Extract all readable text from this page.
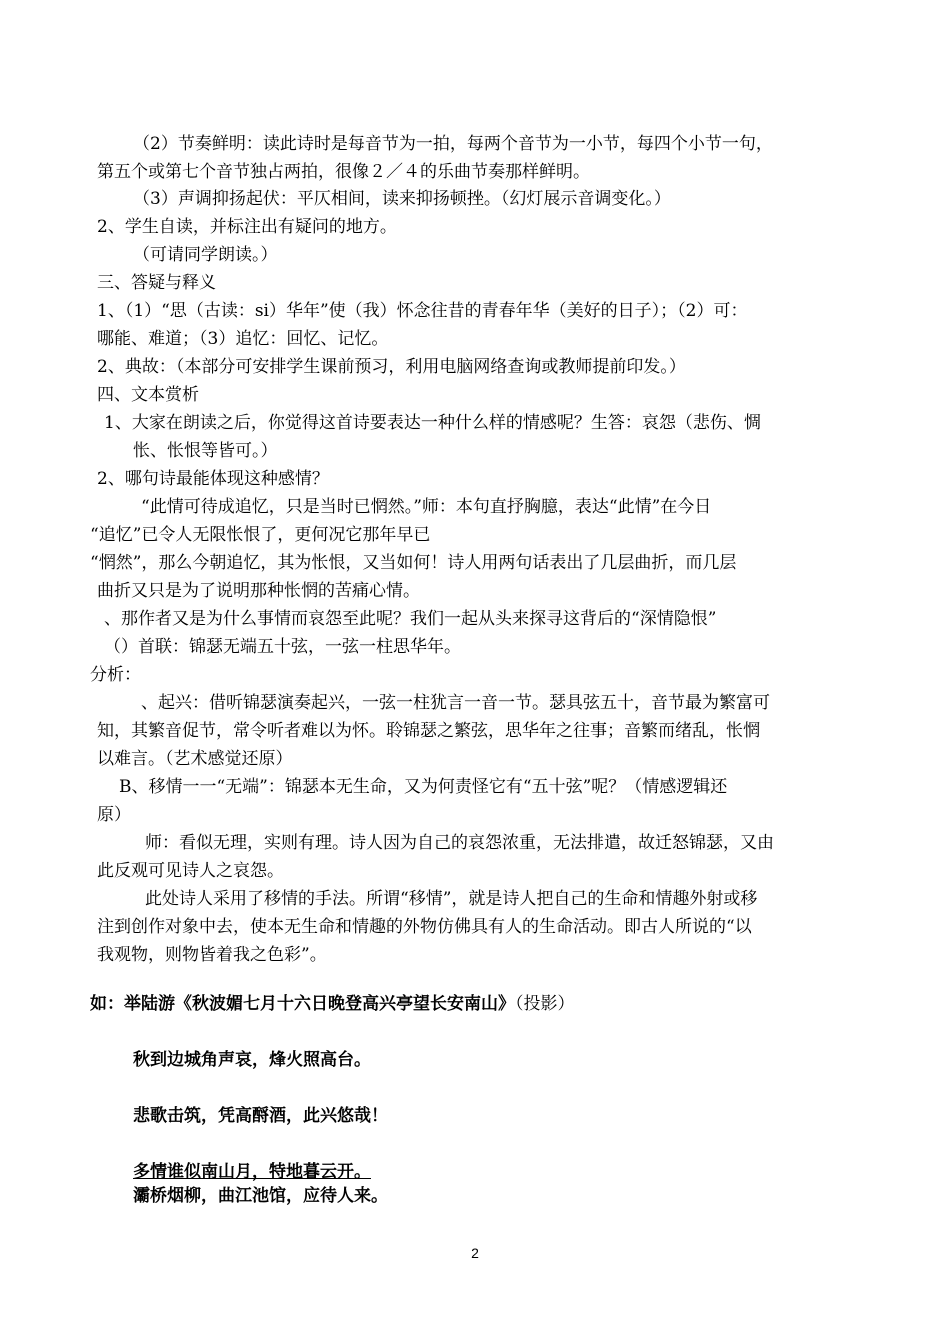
（2）节奏鲜明：读此诗时是每音节为一拍，每两个音节为一小节，每四个小节一句，
第五个或第七个音节独占两拍，很像２／４的乐曲节奏那样鲜明。
（3）声调抑扬起伏：平仄相间，读来抑扬顿挫。（幻灯展示音调变化。）
2、学生自读，并标注出有疑问的地方。
（可请同学朗读。）
三、答疑与释义
1、（1）“思（古读：si）华年”使（我）怀念往昔的青春年华（美好的日子）；（2）可：
哪能、难道；（3）追忆：回忆、记忆。
2、典故：（本部分可安排学生课前预习，利用电脑网络查询或教师提前印发。）
四、文本赏析
1、大家在朗读之后，你觉得这首诗要表达一种什么样的情感呢？生答：哀怨（悲伤、惆
怅、怅恨等皆可。）
2、哪句诗最能体现这种感情？
“此情可待成追忆，只是当时已惘然。”师：本句直抒胸臆，表达“此情”在今日
“追忆”已令人无限怅恨了，更何况它那年早已
“惘然”，那么今朝追忆，其为怅恨，又当如何！诗人用两句话表出了几层曲折，而几层
曲折又只是为了说明那种怅惘的苦痛心情。
、那作者又是为什么事情而哀怨至此呢？我们一起从头来探寻这背后的“深情隐恨”
（）首联：锦瑟无端五十弦，一弦一柱思华年。
分析：
、起兴：借听锦瑟演奏起兴，一弦一柱犹言一音一节。瑟具弦五十，音节最为繁富可
知，其繁音促节，常令听者难以为怀。聆锦瑟之繁弦，思华年之往事；音繁而绪乱，怅惘
以难言。（艺术感觉还原）
B、移情一一“无端”：锦瑟本无生命，又为何责怪它有“五十弦”呢？（情感逻辑还
原）
师：看似无理，实则有理。诗人因为自己的哀怨浓重，无法排遣，故迁怒锦瑟，又由
此反观可见诗人之哀怨。
此处诗人采用了移情的手法。所谓“移情”，就是诗人把自己的生命和情趣外射或移
注到创作对象中去，使本无生命和情趣的外物仿佛具有人的生命活动。即古人所说的“以
我观物，则物皆着我之色彩”。
如：举陆游《秋波媚七月十六日晚登高兴亭望长安南山》（投影）
秋到边城角声哀，烽火照高台。
悲歌击筑，凭高酹酒，此兴悠哉！
多情谁似南山月，特地暮云开。
灞桥烟柳，曲江池馆，应待人来。
2
